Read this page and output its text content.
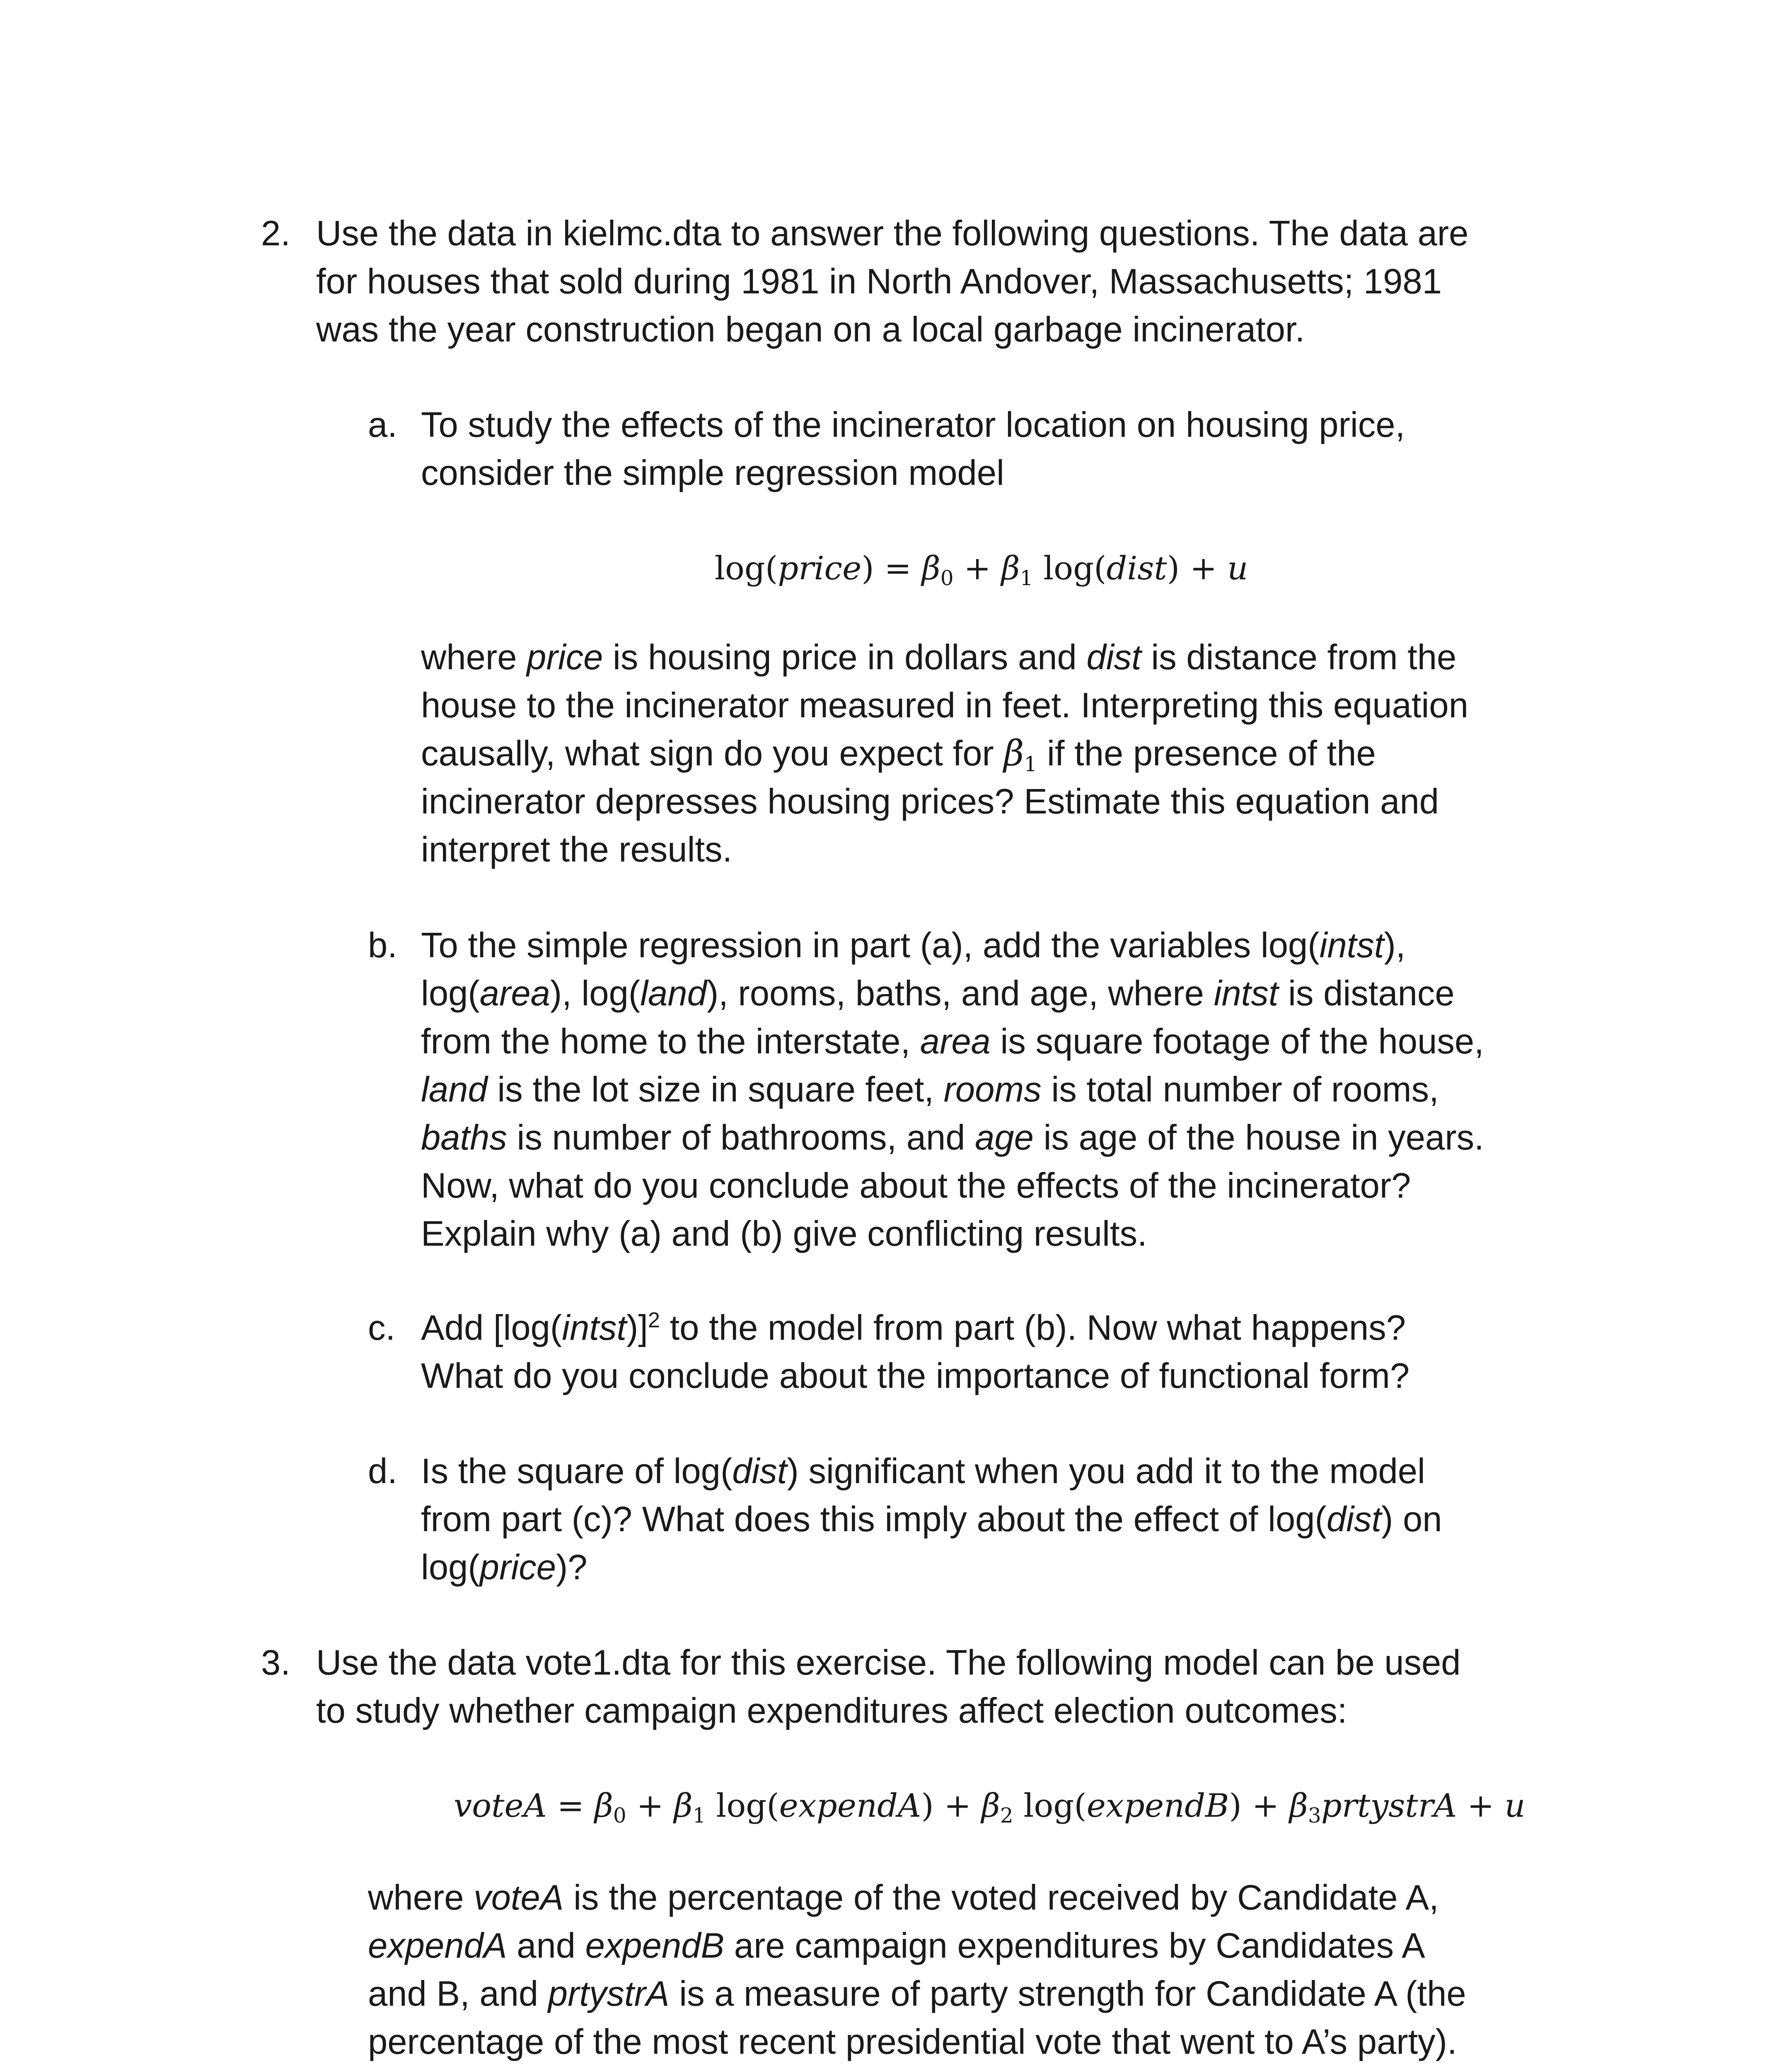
2. Use the data in kielmc.dta to answer the following questions. The data are
for houses that sold during 1981 in North Andover, Massachusetts; 1981
was the year construction began on a local garbage incinerator.
a. To study the effects of the incinerator location on housing price,
consider the simple regression model
log(price) = $\beta_0 + \beta_1$ log(dist) + u
where price is housing price in dollars and dist is distance from the
house to the incinerator measured in feet. Interpreting this equation
causally, what sign do you expect for $\beta_1$ if the presence of the
incinerator depresses housing prices? Estimate this equation and
interpret the results.
b. To the simple regression in part (a), add the variables log(intst),
log(area), log(land), rooms, baths, and age, where intst is distance
from the home to the interstate, area is square footage of the house,
land is the lot size in square feet, rooms is total number of rooms,
baths is number of bathrooms, and age is age of the house in years.
Now, what do you conclude about the effects of the incinerator?
Explain why (a) and (b) give conflicting results.
c. Add [log(intst)]$^2$ to the model from part (b). Now what happens?
What do you conclude about the importance of functional form?
d. Is the square of log(dist) significant when you add it to the model
from part (c)? What does this imply about the effect of log(dist) on
log(price)?
3. Use the data vote1.dta for this exercise. The following model can be used
to study whether campaign expenditures affect election outcomes:
voteA = $\beta_0 + \beta_1$ log(expendA) + $\beta_2$ log(expendB) + $\beta_3prtystrA + u$
where voteA is the percentage of the voted received by Candidate A,
expendA and expendB are campaign expenditures by Candidates A
and B, and prtystrA is a measure of party strength for Candidate A (the
percentage of the most recent presidential vote that went to A’s party).
